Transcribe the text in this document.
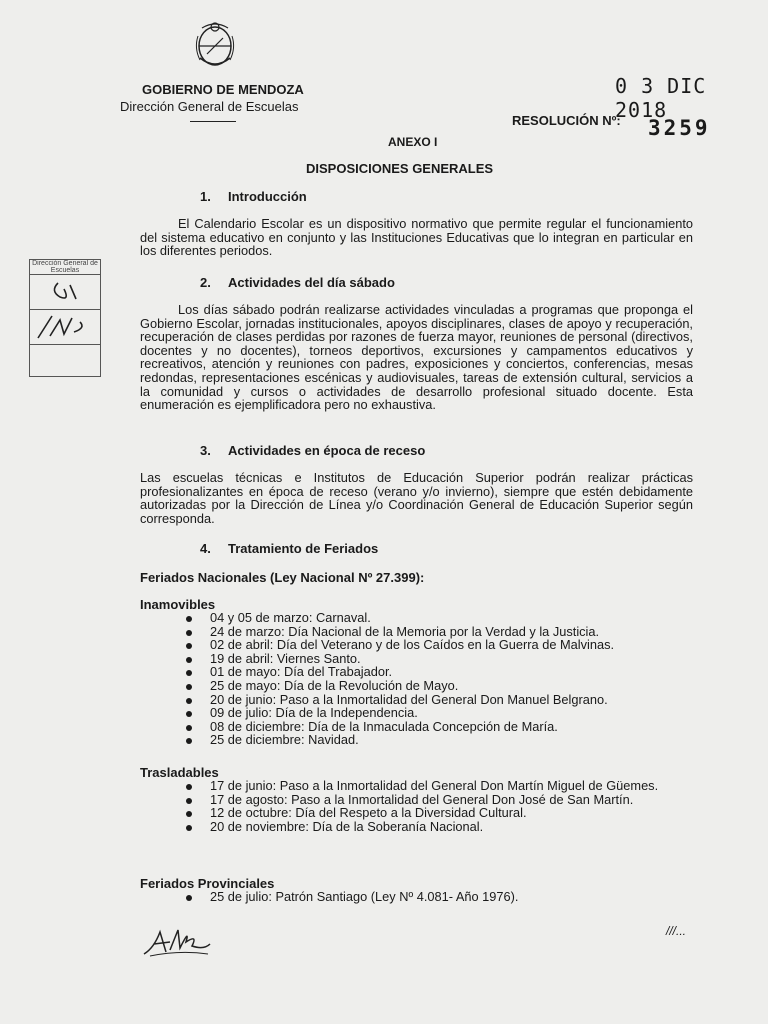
GOBIERNO DE MENDOZA
Dirección General de Escuelas
0 3 DIC 2018
RESOLUCIÓN Nº: 3259
ANEXO I
DISPOSICIONES GENERALES
1. Introducción
El Calendario Escolar es un dispositivo normativo que permite regular el funcionamiento del sistema educativo en conjunto y las Instituciones Educativas que lo integran en particular en los diferentes periodos.
Dirección General de Escuelas
2. Actividades del día sábado
Los días sábado podrán realizarse actividades vinculadas a programas que proponga el Gobierno Escolar, jornadas institucionales, apoyos disciplinares, clases de apoyo y recuperación, recuperación de clases perdidas por razones de fuerza mayor, reuniones de personal (directivos, docentes y no docentes), torneos deportivos, excursiones y campamentos educativos y recreativos, atención y reuniones con padres, exposiciones y conciertos, conferencias, mesas redondas, representaciones escénicas y audiovisuales, tareas de extensión cultural, servicios a la comunidad y cursos o actividades de desarrollo profesional situado docente. Esta enumeración es ejemplificadora pero no exhaustiva.
3. Actividades en época de receso
Las escuelas técnicas e Institutos de Educación Superior podrán realizar prácticas profesionalizantes en época de receso (verano y/o invierno), siempre que estén debidamente autorizadas por la Dirección de Línea y/o Coordinación General de Educación Superior según corresponda.
4. Tratamiento de Feriados
Feriados Nacionales (Ley Nacional Nº 27.399):
Inamovibles
04 y 05 de marzo: Carnaval.
24 de marzo: Día Nacional de la Memoria por la Verdad y la Justicia.
02 de abril: Día del Veterano y de los Caídos en la Guerra de Malvinas.
19 de abril: Viernes Santo.
01 de mayo: Día del Trabajador.
25 de mayo: Día de la Revolución de Mayo.
20 de junio: Paso a la Inmortalidad del General Don Manuel Belgrano.
09 de julio: Día de la Independencia.
08 de diciembre: Día de la Inmaculada Concepción de María.
25 de diciembre: Navidad.
Trasladables
17 de junio: Paso a la Inmortalidad del General Don Martín Miguel de Güemes.
17 de agosto: Paso a la Inmortalidad del General Don José de San Martín.
12 de octubre: Día del Respeto a la Diversidad Cultural.
20 de noviembre: Día de la Soberanía Nacional.
Feriados Provinciales
25 de julio: Patrón Santiago (Ley Nº 4.081- Año 1976).
///...
